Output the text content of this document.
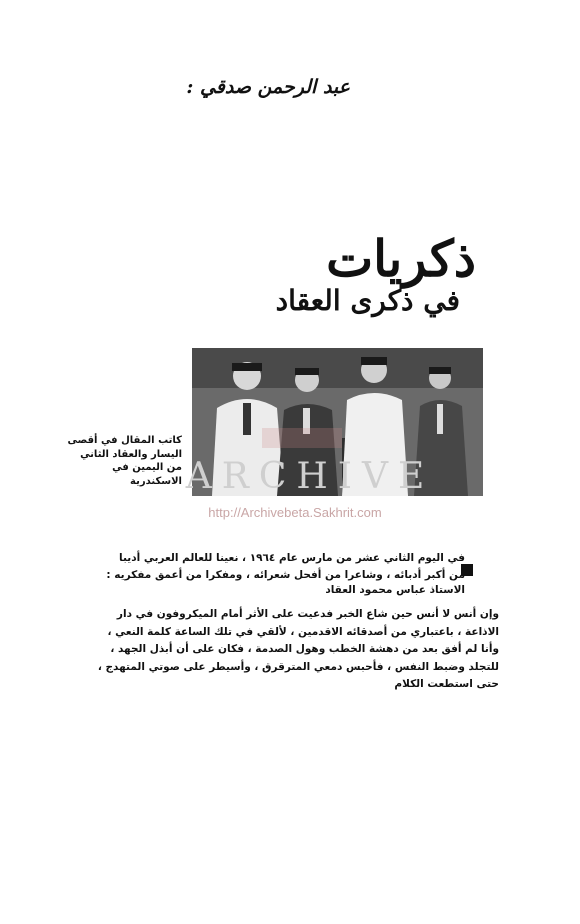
عبد الرحمن صدقي :
ذكريات
في ذكرى العقاد
كاتب المقال في أقصى
اليسار والعقاد الثاني
من اليمين في الاسكندرية ARCHIVE
http://Archivebeta.Sakhrit.com
في اليوم الثاني عشر من مارس عام ١٩٦٤ ، نعينا للعالم العربي أديبا
من أكبر أدبائه ، وشاعرا من أفحل شعرائه ، ومفكرا من أعمق مفكريه :
الاستاذ عباس محمود العقاد
وإن أنس لا أنس حين شاع الخبر فدعيت على الأثر أمام الميكروفون في دار
الاذاعة ، باعتباري من أصدقائه الاقدمين ، لألقي في تلك الساعة كلمة النعي ،
وأنا لم أفق بعد من دهشة الخطب وهول الصدمة ، فكان على أن أبذل الجهد ،
للتجلد وضبط النفس ، فأحبس دمعي المترقرق ، وأسيطر على صوتي المتهدج ،
حتى استطعت الكلام
